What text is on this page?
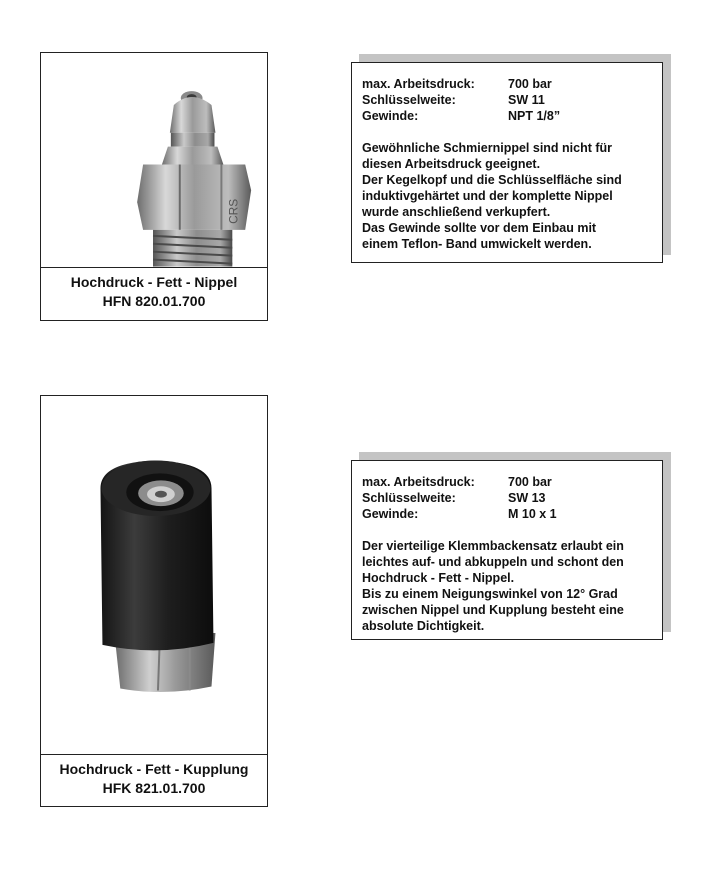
CRS
Hochdruck - Fett - Nippel
HFN 820.01.700
max. Arbeitsdruck:	700 bar
Schlüsselweite:	SW 11
Gewinde:	NPT 1/8”
Gewöhnliche Schmiernippel sind nicht für
diesen Arbeitsdruck geeignet.
Der Kegelkopf und die Schlüsselfläche sind
induktivgehärtet und der komplette Nippel
wurde anschließend verkupfert.
Das Gewinde sollte vor dem Einbau mit
einem Teflon- Band umwickelt werden.
Hochdruck - Fett - Kupplung
HFK 821.01.700
max. Arbeitsdruck:	700 bar
Schlüsselweite:	SW 13
Gewinde:	M 10 x 1
Der vierteilige Klemmbackensatz erlaubt ein
leichtes auf- und abkuppeln und schont den
Hochdruck - Fett - Nippel.
Bis zu einem Neigungswinkel von 12° Grad
zwischen Nippel und Kupplung besteht eine
absolute Dichtigkeit.
